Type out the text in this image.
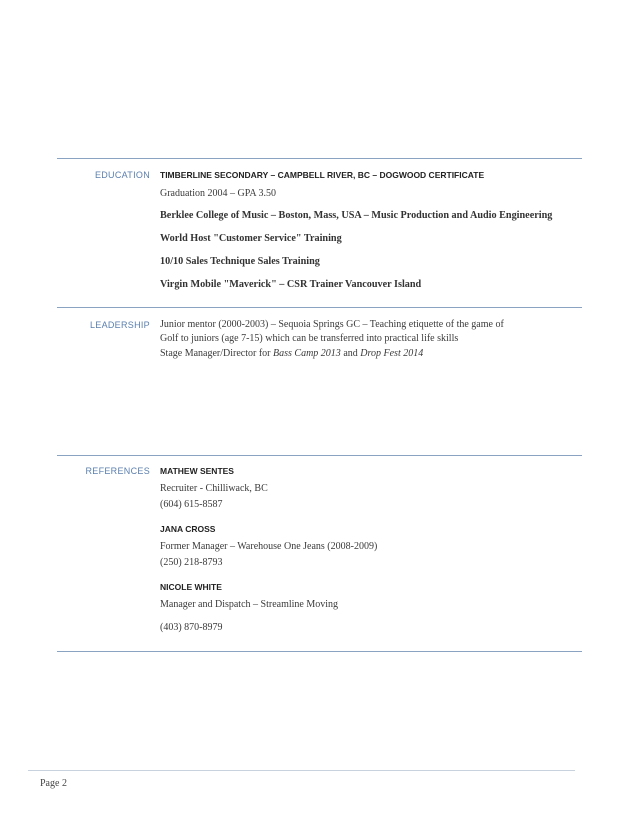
EDUCATION TIMBERLINE SECONDARY – CAMPBELL RIVER, BC – DOGWOOD CERTIFICATE

Graduation 2004 – GPA 3.50

Berklee College of Music – Boston, Mass, USA – Music Production and Audio Engineering

World Host "Customer Service" Training

10/10 Sales Technique Sales Training

Virgin Mobile "Maverick" – CSR Trainer Vancouver Island

LEADERSHIP Junior mentor (2000-2003) – Sequoia Springs GC – Teaching etiquette of the game of Golf to juniors (age 7-15) which can be transferred into practical life skills

Stage Manager/Director for Bass Camp 2013 and Drop Fest 2014

REFERENCES MATHEW SENTES

Recruiter - Chilliwack, BC

(604) 615-8587

JANA CROSS

Former Manager – Warehouse One Jeans (2008-2009)

(250) 218-8793

NICOLE WHITE

Manager and Dispatch – Streamline Moving

(403) 870-8979

Page 2
